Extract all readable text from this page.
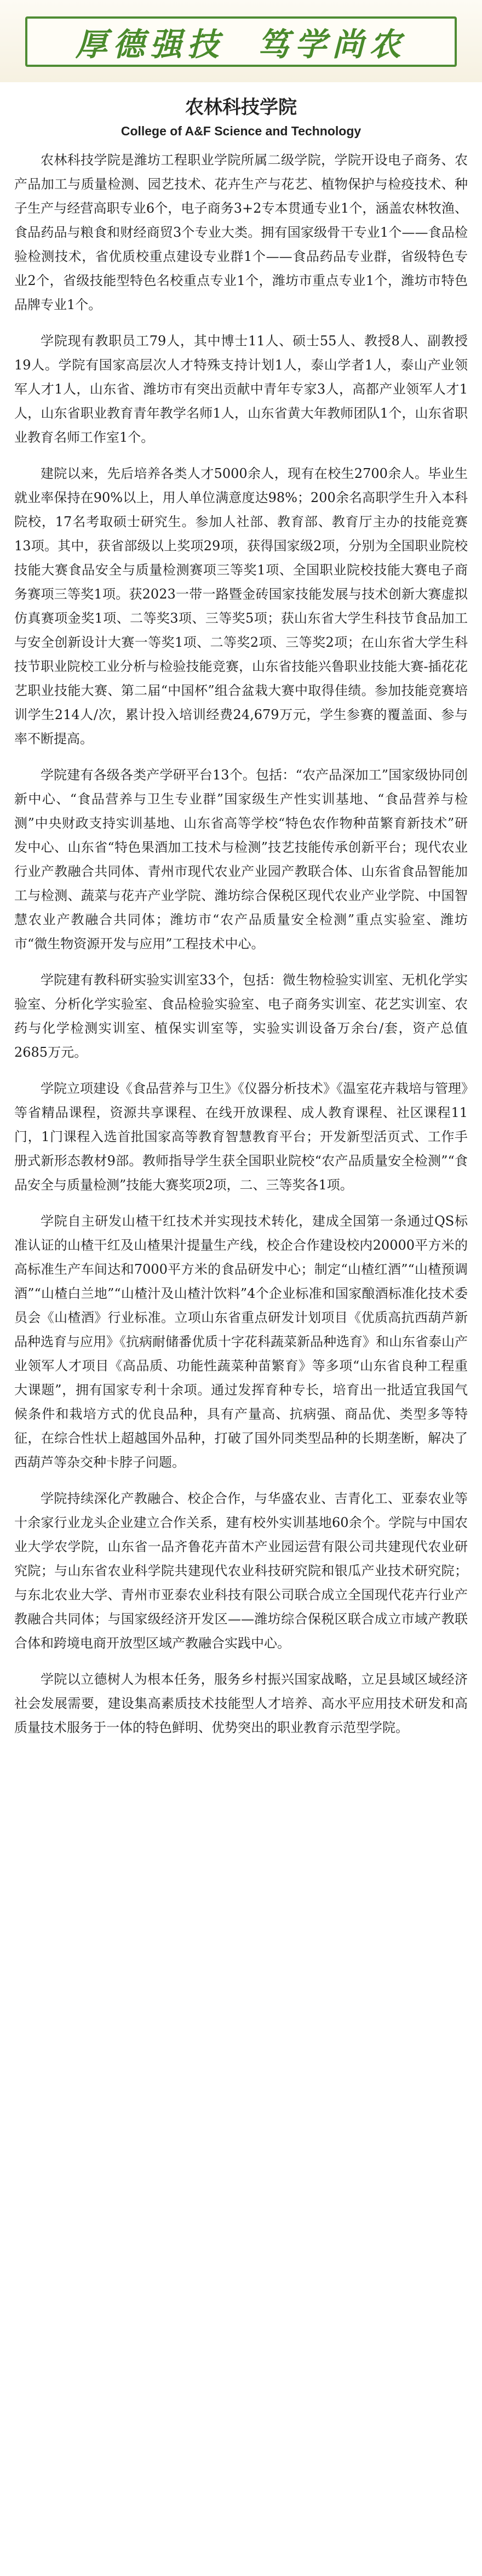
厚德强技  笃学尚农
农林科技学院
College of A&F Science and Technology

农林科技学院是潍坊工程职业学院所属二级学院，学院开设电子商务、农产品加工与质量检测、园艺技术、花卉生产与花艺、植物保护与检疫技术、种子生产与经营高职专业6个，电子商务3+2专本贯通专业1个，涵盖农林牧渔、食品药品与粮食和财经商贸3个专业大类。拥有国家级骨干专业1个——食品检验检测技术，省优质校重点建设专业群1个——食品药品专业群，省级特色专业2个，省级技能型特色名校重点专业1个，潍坊市重点专业1个，潍坊市特色品牌专业1个。

学院现有教职员工79人，其中博士11人、硕士55人、教授8人、副教授19人。学院有国家高层次人才特殊支持计划1人，泰山学者1人，泰山产业领军人才1人，山东省、潍坊市有突出贡献中青年专家3人，高都产业领军人才1人，山东省职业教育青年教学名师1人，山东省黄大年教师团队1个，山东省职业教育名师工作室1个。

建院以来，先后培养各类人才5000余人，现有在校生2700余人。毕业生就业率保持在90%以上，用人单位满意度达98%；200余名高职学生升入本科院校，17名考取硕士研究生。参加人社部、教育部、教育厅主办的技能竞赛13项。其中，获省部级以上奖项29项，获得国家级2项，分别为全国职业院校技能大赛食品安全与质量检测赛项三等奖1项、全国职业院校技能大赛电子商务赛项三等奖1项。获2023一带一路暨金砖国家技能发展与技术创新大赛虚拟仿真赛项金奖1项、二等奖3项、三等奖5项；获山东省大学生科技节食品加工与安全创新设计大赛一等奖1项、二等奖2项、三等奖2项；在山东省大学生科技节职业院校工业分析与检验技能竞赛，山东省技能兴鲁职业技能大赛-插花花艺职业技能大赛、第二届“中国杯”组合盆栽大赛中取得佳绩。参加技能竞赛培训学生214人/次，累计投入培训经费24,679万元，学生参赛的覆盖面、参与率不断提高。

学院建有各级各类产学研平台13个。包括：“农产品深加工”国家级协同创新中心、“食品营养与卫生专业群”国家级生产性实训基地、“食品营养与检测”中央财政支持实训基地、山东省高等学校“特色农作物种苗繁育新技术”研发中心、山东省“特色果酒加工技术与检测”技艺技能传承创新平台；现代农业行业产教融合共同体、青州市现代农业产业园产教联合体、山东省食品智能加工与检测、蔬菜与花卉产业学院、潍坊综合保税区现代农业产业学院、中国智慧农业产教融合共同体；潍坊市“农产品质量安全检测”重点实验室、潍坊市“微生物资源开发与应用”工程技术中心。

学院建有教科研实验实训室33个，包括：微生物检验实训室、无机化学实验室、分析化学实验室、食品检验实验室、电子商务实训室、花艺实训室、农药与化学检测实训室、植保实训室等，实验实训设备万余台/套，资产总值2685万元。

学院立项建设《食品营养与卫生》《仪器分析技术》《温室花卉栽培与管理》等省精品课程，资源共享课程、在线开放课程、成人教育课程、社区课程11门，1门课程入选首批国家高等教育智慧教育平台；开发新型活页式、工作手册式新形态教材9部。教师指导学生获全国职业院校“农产品质量安全检测”“食品安全与质量检测”技能大赛奖项2项，二、三等奖各1项。

学院自主研发山楂干红技术并实现技术转化，建成全国第一条通过QS标准认证的山楂干红及山楂果汁提量生产线，校企合作建设校内20000平方米的高标准生产车间达和7000平方米的食品研发中心；制定“山楂红酒”“山楂预调酒”“山楂白兰地”“山楂汁及山楂汁饮料”4个企业标准和国家酿酒标准化技术委员会《山楂酒》行业标准。立项山东省重点研发计划项目《优质高抗西葫芦新品种选育与应用》《抗病耐储番优质十字花科蔬菜新品种选育》和山东省泰山产业领军人才项目《高品质、功能性蔬菜种苗繁育》等多项“山东省良种工程重大课题”，拥有国家专利十余项。通过发挥育种专长，培育出一批适宜我国气候条件和栽培方式的优良品种，具有产量高、抗病强、商品优、类型多等特征，在综合性状上超越国外品种，打破了国外同类型品种的长期垄断，解决了西葫芦等杂交种卡脖子问题。

学院持续深化产教融合、校企合作，与华盛农业、吉青化工、亚泰农业等十余家行业龙头企业建立合作关系，建有校外实训基地60余个。学院与中国农业大学农学院，山东省一品齐鲁花卉苗木产业园运营有限公司共建现代农业研究院；与山东省农业科学院共建现代农业科技研究院和银瓜产业技术研究院；与东北农业大学、青州市亚泰农业科技有限公司联合成立全国现代花卉行业产教融合共同体；与国家级经济开发区——潍坊综合保税区联合成立市域产教联合体和跨境电商开放型区域产教融合实践中心。

学院以立德树人为根本任务，服务乡村振兴国家战略，立足县域区域经济社会发展需要，建设集高素质技术技能型人才培养、高水平应用技术研发和高质量技术服务于一体的特色鲜明、优势突出的职业教育示范型学院。
